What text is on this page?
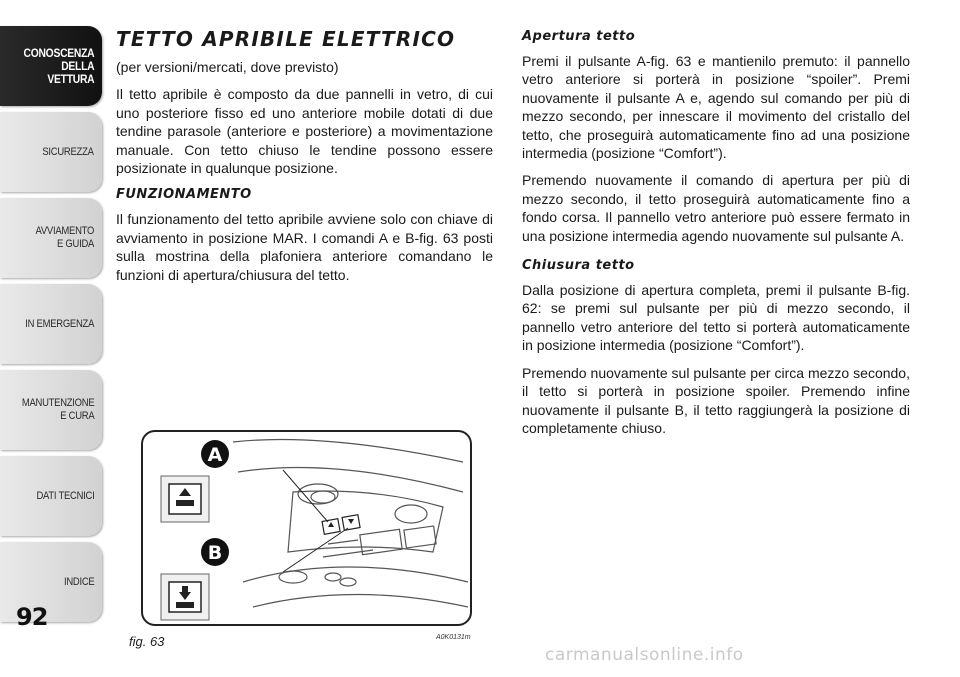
CONOSCENZA
DELLA
VETTURA
SICUREZZA
AVVIAMENTO
E GUIDA
IN EMERGENZA
MANUTENZIONE
E CURA
DATI TECNICI
INDICE
92
TETTO APRIBILE ELETTRICO

(per versioni/mercati, dove previsto)

Il tetto apribile è composto da due pannelli in vetro, di cui uno posteriore fisso ed uno anteriore mobile dotati di due tendine parasole (anteriore e posteriore) a movimentazione manuale. Con tetto chiuso le tendine possono essere posizionate in qualunque posizione.

FUNZIONAMENTO

Il funzionamento del tetto apribile avviene solo con chiave di avviamento in posizione MAR. I comandi A e B-fig. 63 posti sulla mostrina della plafoniera anteriore comandano le funzioni di apertura/chiusura del tetto.

Apertura tetto

Premi il pulsante A-fig. 63 e mantienilo premuto: il pannello vetro anteriore si porterà in posizione “spoiler”. Premi nuovamente il pulsante A e, agendo sul comando per più di mezzo secondo, per innescare il movimento del cristallo del tetto, che proseguirà automaticamente fino ad una posizione intermedia (posizione “Comfort”).

Premendo nuovamente il comando di apertura per più di mezzo secondo, il tetto proseguirà automaticamente fino a fondo corsa. Il pannello vetro anteriore può essere fermato in una posizione intermedia agendo nuovamente sul pulsante A.

Chiusura tetto

Dalla posizione di apertura completa, premi il pulsante B-fig. 62: se premi sul pulsante per più di mezzo secondo, il pannello vetro anteriore del tetto si porterà automaticamente in posizione intermedia (posizione “Comfort”).

Premendo nuovamente sul pulsante per circa mezzo secondo, il tetto si porterà in posizione spoiler. Premendo infine nuovamente il pulsante B, il tetto raggiungerà la posizione di completamente chiuso.

A
B
fig. 63	A0K0131m
carmanualsonline.info
